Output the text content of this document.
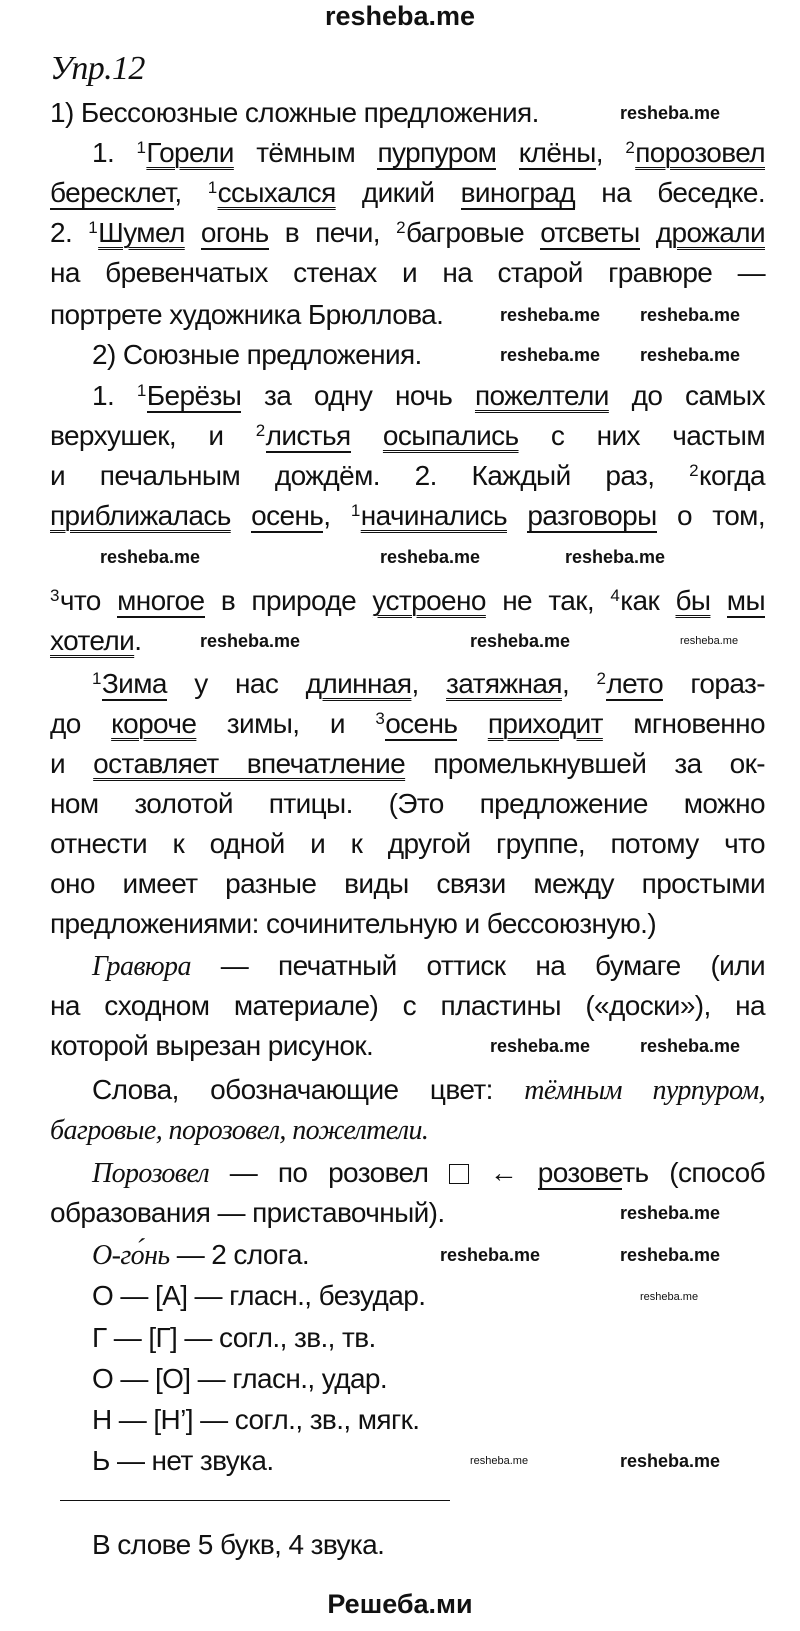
resheba.me
Упр.12
1) Бессоюзные сложные предложения.
1. $^1$Горели тёмным пурпуром клёны, $^2$порозовел
бересклет, $^1$ссыхался дикий виноград на беседке.
2. $^1$Шумел огонь в печи, $^2$багровые отсветы дрожали
на бревенчатых стенах и на старой гравюре —
портрете художника Брюллова.
2) Союзные предложения.
1. $^1$Берёзы за одну ночь пожелтели до самых
верхушек, и $^2$листья осыпались с них частым
и печальным дождём. 2. Каждый раз, $^2$когда
приближалась осень, $^1$начинались разговоры о том,
$^3$что многое в природе устроено не так, $^4$как бы мы
хотели.
$^1$Зима у нас длинная, затяжная, $^2$лето гораз-
до короче зимы, и $^3$осень приходит мгновенно
и оставляет впечатление промелькнувшей за ок-
ном золотой птицы. (Это предложение можно
отнести к одной и к другой группе, потому что
оно имеет разные виды связи между простыми
предложениями: сочинительную и бессоюзную.)
Гравюра — печатный оттиск на бумаге (или
на сходном материале) с пластины («доски»), на
которой вырезан рисунок.
Слова, обозначающие цвет: тёмным пурпуром,
багровые, порозовел, пожелтели.
Порозовел — по розовел  ← розоветь (способ
образования — приставочный).
О-го́нь — 2 слога.
О — [А] — гласн., безудар.
Г — [Г] — согл., зв., тв.
О — [О] — гласн., удар.
Н — [Н’] — согл., зв., мягк.
Ь — нет звука.
В слове 5 букв, 4 звука.
Решеба.ми
resheba.me
resheba.me resheba.me
resheba.me resheba.me
resheba.me	resheba.me	resheba.me
resheba.me	resheba.me
resheba.me	resheba.me
resheba.me
resheba.me	resheba.me
resheba.me
resheba.me
resheba.me
resheba.me
